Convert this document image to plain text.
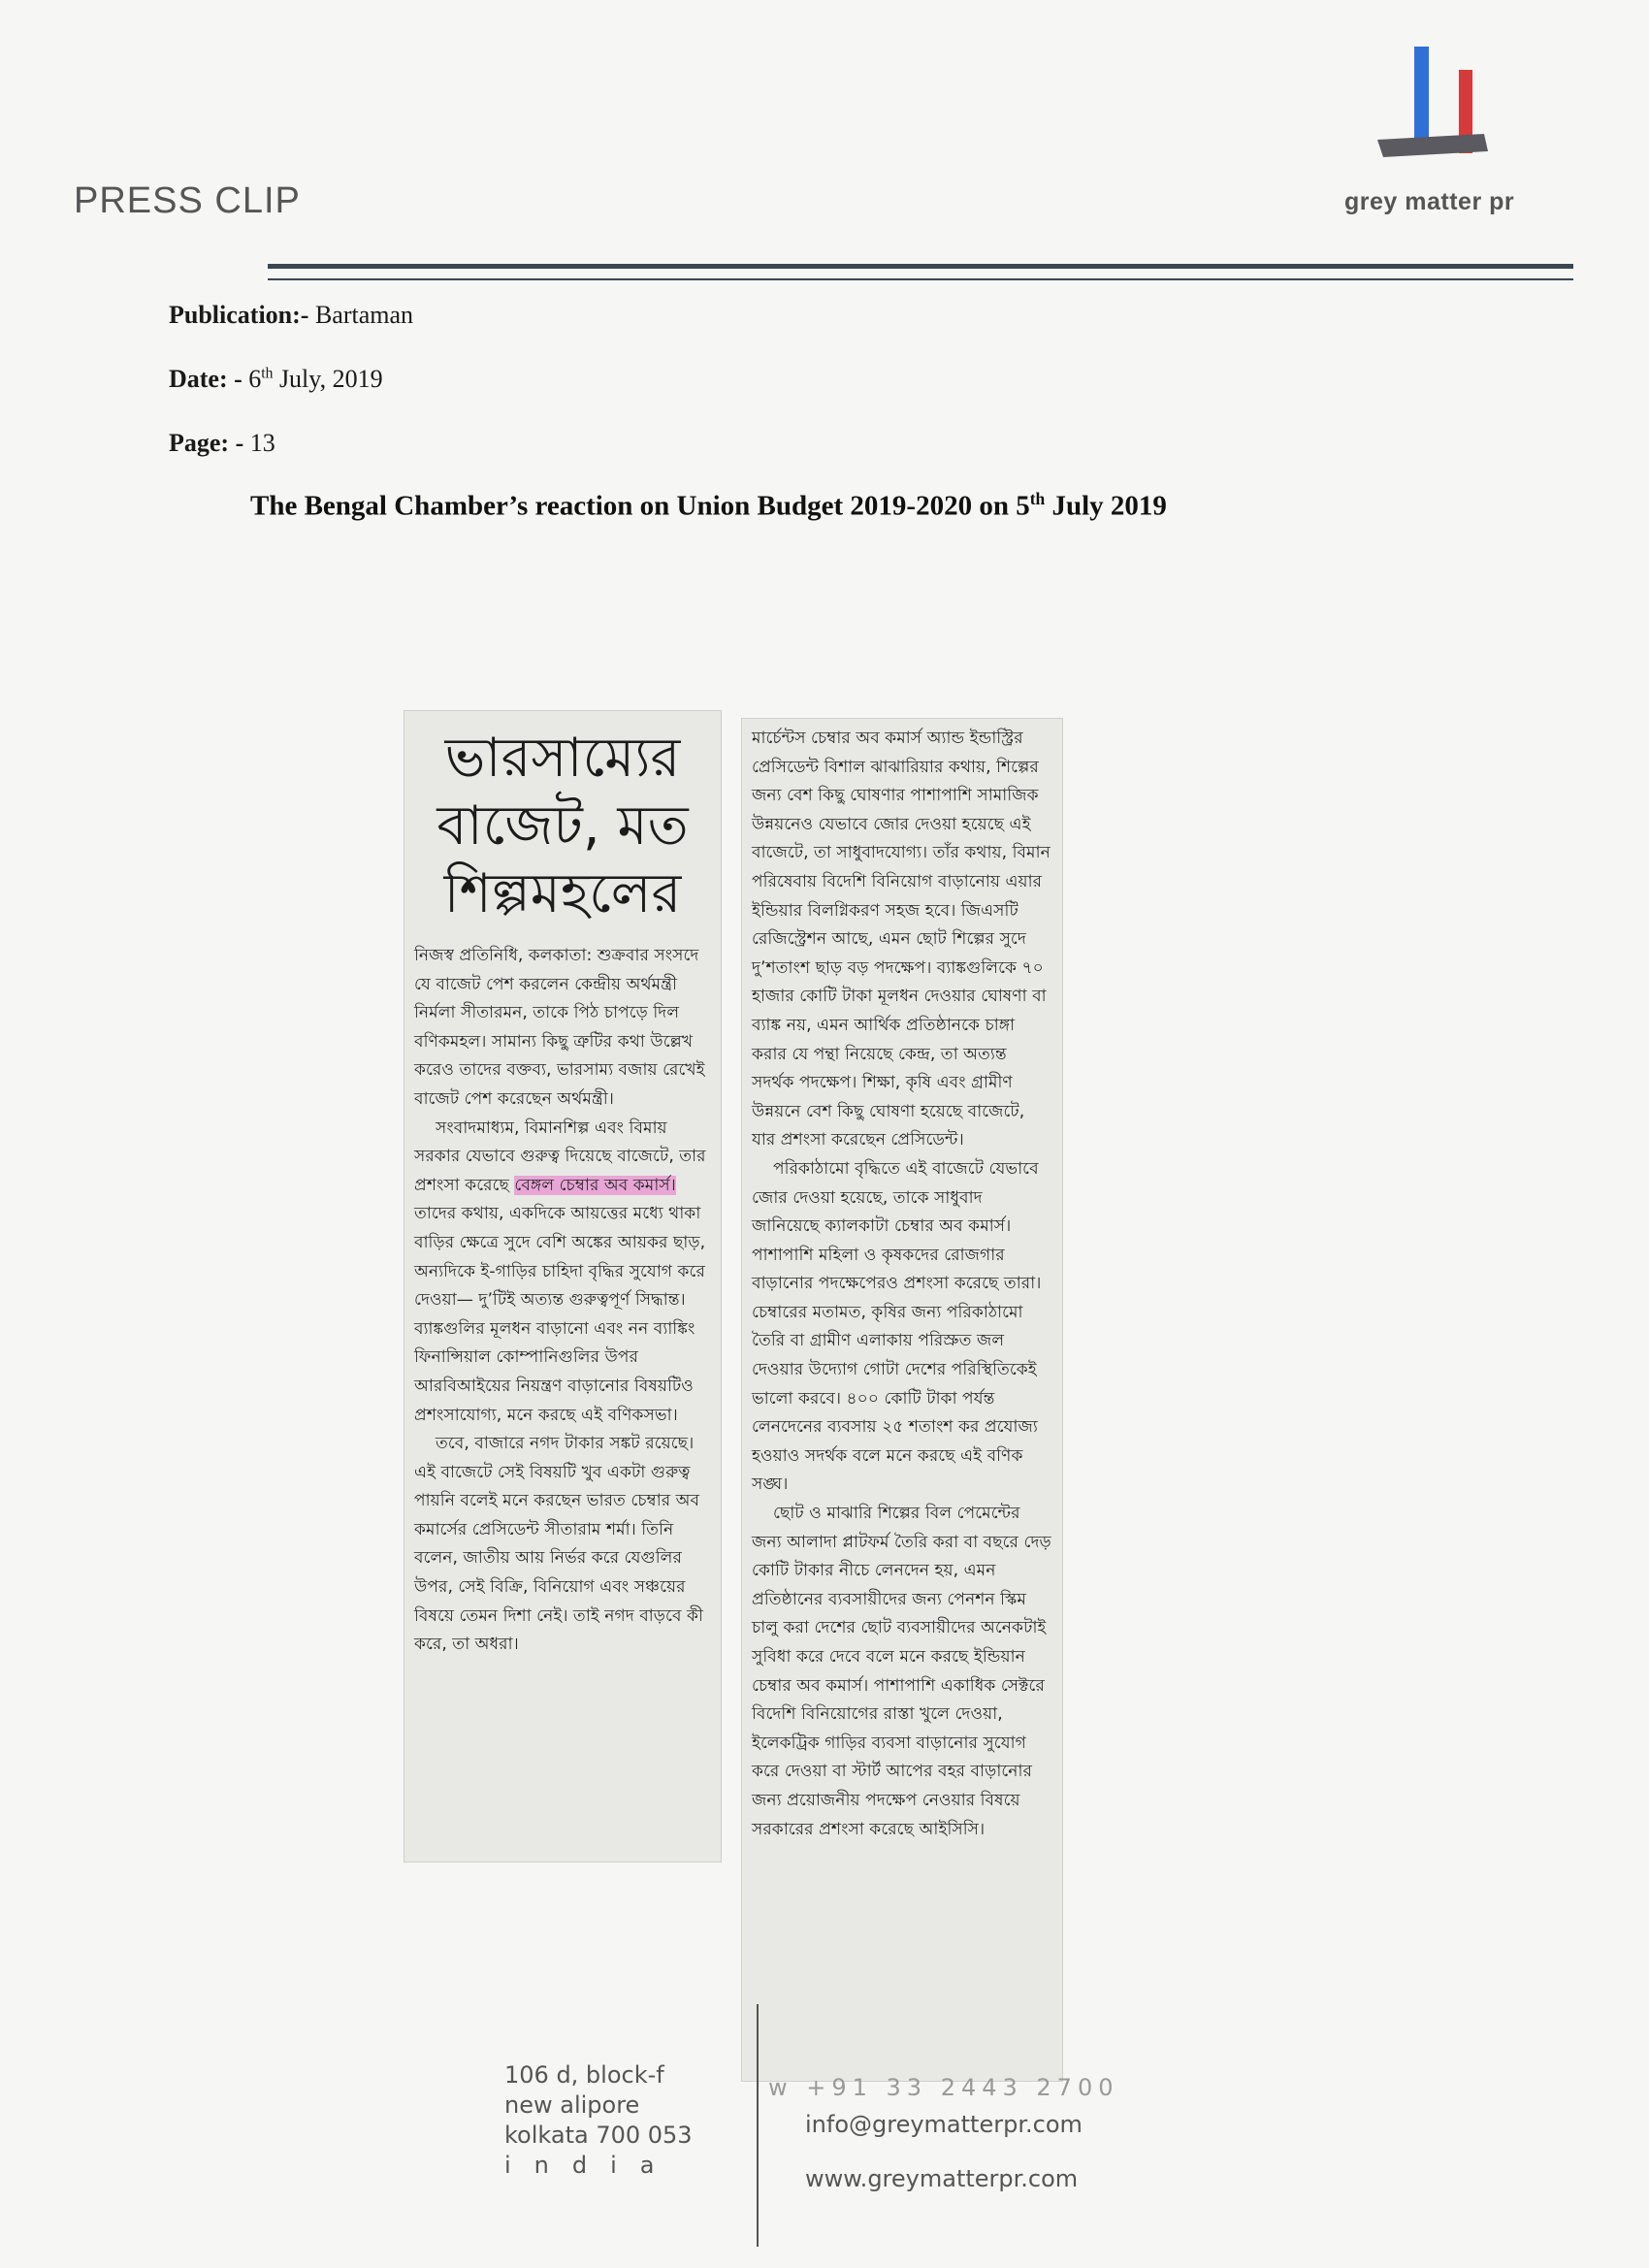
PRESS CLIP	grey matter pr
Publication:- Bartaman
Date: - 6th July, 2019
Page: - 13
The Bengal Chamber’s reaction on Union Budget 2019-2020 on 5th July 2019
ভারসাম্যের
বাজেট, মত
শিল্পমহলের

নিজস্ব প্রতিনিধি, কলকাতা: শুক্রবার সংসদে যে বাজেট পেশ করলেন কেন্দ্রীয় অর্থমন্ত্রী নির্মলা সীতারমন, তাকে পিঠ চাপড়ে দিল বণিকমহল। সামান্য কিছু ত্রুটির কথা উল্লেখ করেও তাদের বক্তব্য, ভারসাম্য বজায় রেখেই বাজেট পেশ করেছেন অর্থমন্ত্রী।

সংবাদমাধ্যম, বিমানশিল্প এবং বিমায় সরকার যেভাবে গুরুত্ব দিয়েছে বাজেটে, তার প্রশংসা করেছে বেঙ্গল চেম্বার অব কমার্স। তাদের কথায়, একদিকে আয়ত্তের মধ্যে থাকা বাড়ির ক্ষেত্রে সুদে বেশি অঙ্কের আয়কর ছাড়, অন্যদিকে ই-গাড়ির চাহিদা বৃদ্ধির সুযোগ করে দেওয়া— দু’টিই অত্যন্ত গুরুত্বপূর্ণ সিদ্ধান্ত। ব্যাঙ্কগুলির মূলধন বাড়ানো এবং নন ব্যাঙ্কিং ফিনান্সিয়াল কোম্পানিগুলির উপর আরবিআইয়ের নিয়ন্ত্রণ বাড়ানোর বিষয়টিও প্রশংসাযোগ্য, মনে করছে এই বণিকসভা।

তবে, বাজারে নগদ টাকার সঙ্কট রয়েছে। এই বাজেটে সেই বিষয়টি খুব একটা গুরুত্ব পায়নি বলেই মনে করছেন ভারত চেম্বার অব কমার্সের প্রেসিডেন্ট সীতারাম শর্মা। তিনি বলেন, জাতীয় আয় নির্ভর করে যেগুলির উপর, সেই বিক্রি, বিনিয়োগ এবং সঞ্চয়ের বিষয়ে তেমন দিশা নেই। তাই নগদ বাড়বে কী করে, তা অধরা।

মার্চেন্টস চেম্বার অব কমার্স অ্যান্ড ইন্ডাস্ট্রির প্রেসিডেন্ট বিশাল ঝাঝারিয়ার কথায়, শিল্পের জন্য বেশ কিছু ঘোষণার পাশাপাশি সামাজিক উন্নয়নেও যেভাবে জোর দেওয়া হয়েছে এই বাজেটে, তা সাধুবাদযোগ্য। তাঁর কথায়, বিমান পরিষেবায় বিদেশি বিনিয়োগ বাড়ানোয় এয়ার ইন্ডিয়ার বিলগ্নিকরণ সহজ হবে। জিএসটি রেজিস্ট্রেশন আছে, এমন ছোট শিল্পের সুদে দু’শতাংশ ছাড় বড় পদক্ষেপ। ব্যাঙ্কগুলিকে ৭০ হাজার কোটি টাকা মূলধন দেওয়ার ঘোষণা বা ব্যাঙ্ক নয়, এমন আর্থিক প্রতিষ্ঠানকে চাঙ্গা করার যে পন্থা নিয়েছে কেন্দ্র, তা অত্যন্ত সদর্থক পদক্ষেপ। শিক্ষা, কৃষি এবং গ্রামীণ উন্নয়নে বেশ কিছু ঘোষণা হয়েছে বাজেটে, যার প্রশংসা করেছেন প্রেসিডেন্ট।

পরিকাঠামো বৃদ্ধিতে এই বাজেটে যেভাবে জোর দেওয়া হয়েছে, তাকে সাধুবাদ জানিয়েছে ক্যালকাটা চেম্বার অব কমার্স। পাশাপাশি মহিলা ও কৃষকদের রোজগার বাড়ানোর পদক্ষেপেরও প্রশংসা করেছে তারা। চেম্বারের মতামত, কৃষির জন্য পরিকাঠামো তৈরি বা গ্রামীণ এলাকায় পরিস্রুত জল দেওয়ার উদ্যোগ গোটা দেশের পরিস্থিতিকেই ভালো করবে। ৪০০ কোটি টাকা পর্যন্ত লেনদেনের ব্যবসায় ২৫ শতাংশ কর প্রযোজ্য হওয়াও সদর্থক বলে মনে করছে এই বণিক সঙ্ঘ।

ছোট ও মাঝারি শিল্পের বিল পেমেন্টের জন্য আলাদা প্লাটফর্ম তৈরি করা বা বছরে দেড় কোটি টাকার নীচে লেনদেন হয়, এমন প্রতিষ্ঠানের ব্যবসায়ীদের জন্য পেনশন স্কিম চালু করা দেশের ছোট ব্যবসায়ীদের অনেকটাই সুবিধা করে দেবে বলে মনে করছে ইন্ডিয়ান চেম্বার অব কমার্স। পাশাপাশি একাধিক সেক্টরে বিদেশি বিনিয়োগের রাস্তা খুলে দেওয়া, ইলেকট্রিক গাড়ির ব্যবসা বাড়ানোর সুযোগ করে দেওয়া বা স্টার্ট আপের বহর বাড়ানোর জন্য প্রয়োজনীয় পদক্ষেপ নেওয়ার বিষয়ে সরকারের প্রশংসা করেছে আইসিসি।

w +91 33 2443 2700
106 d, block-f
new alipore
kolkata 700 053
india
info@greymatterpr.com
www.greymatterpr.com
